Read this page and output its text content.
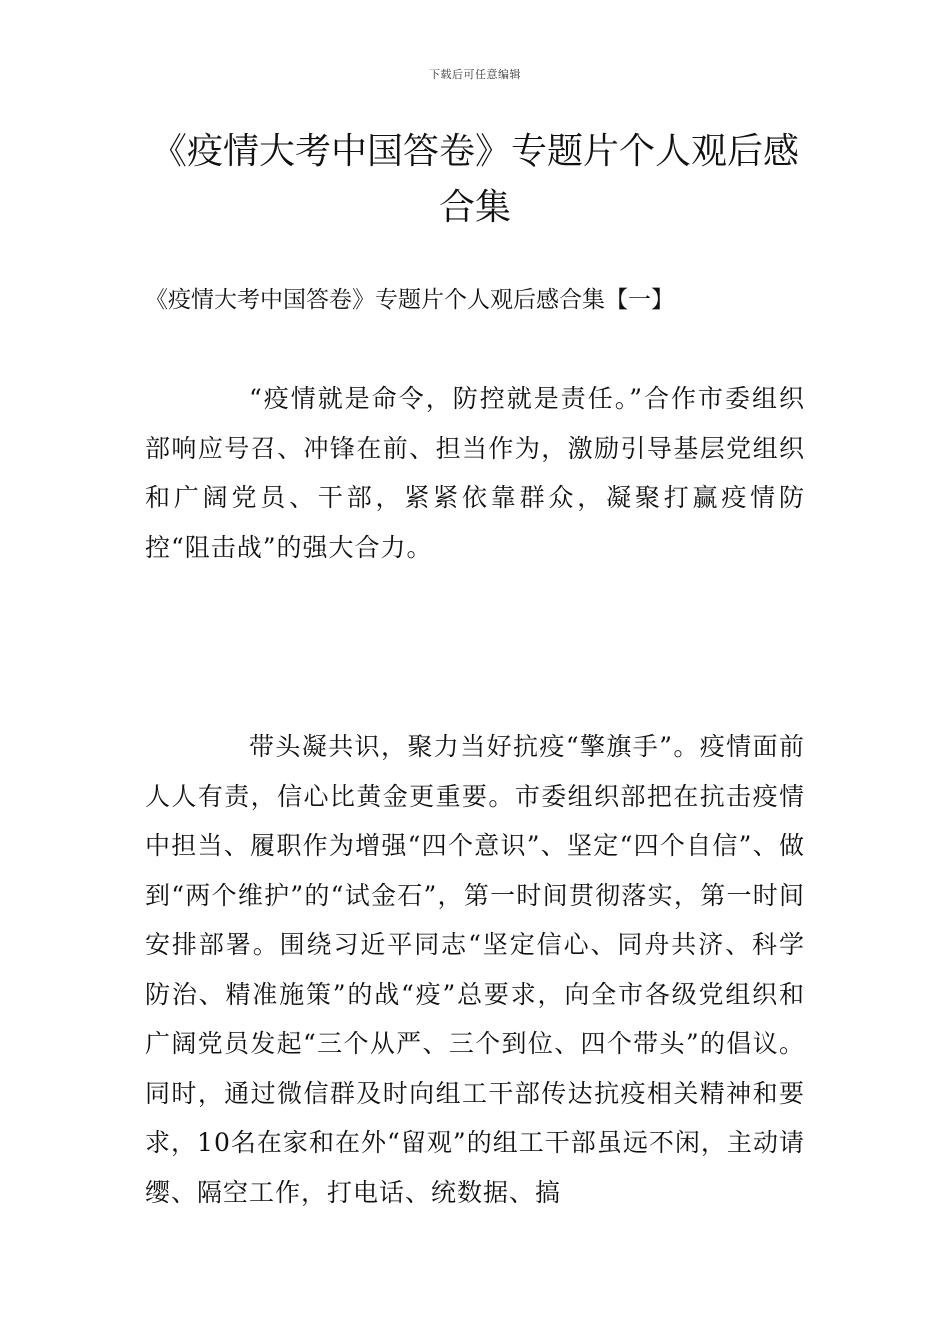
下载后可任意编辑
《疫情大考中国答卷》专题片个人观后感合集
《疫情大考中国答卷》专题片个人观后感合集【一】

“疫情就是命令，防控就是责任。”合作市委组织部响应号召、冲锋在前、担当作为，激励引导基层党组织和广阔党员、干部，紧紧依靠群众，凝聚打赢疫情防控“阻击战”的强大合力。

带头凝共识，聚力当好抗疫“擎旗手”。疫情面前人人有责，信心比黄金更重要。市委组织部把在抗击疫情中担当、履职作为增强“四个意识”、坚定“四个自信”、做到“两个维护”的“试金石”，第一时间贯彻落实，第一时间安排部署。围绕习近平同志“坚定信心、同舟共济、科学防治、精准施策”的战“疫”总要求，向全市各级党组织和广阔党员发起“三个从严、三个到位、四个带头”的倡议。同时，通过微信群及时向组工干部传达抗疫相关精神和要求，10名在家和在外“留观”的组工干部虽远不闲，主动请缨、隔空工作，打电话、统数据、搞
